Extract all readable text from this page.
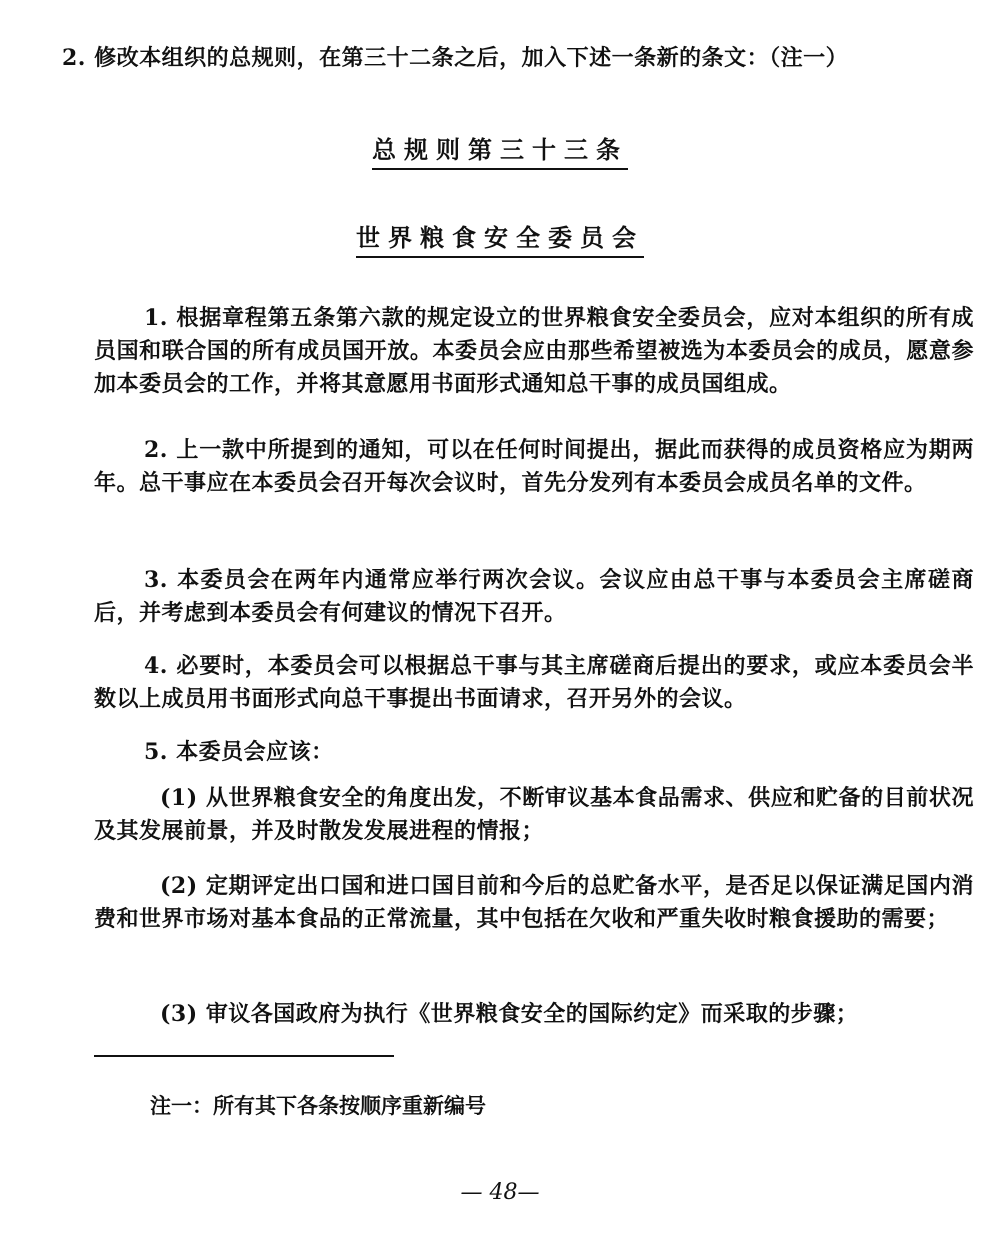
2. 修改本组织的总规则，在第三十二条之后，加入下述一条新的条文：（注一）
总规则第三十三条
世界粮食安全委员会

1. 根据章程第五条第六款的规定设立的世界粮食安全委员会，应对本组织的所有成员国和联合国的所有成员国开放。本委员会应由那些希望被选为本委员会的成员，愿意参加本委员会的工作，并将其意愿用书面形式通知总干事的成员国组成。

2. 上一款中所提到的通知，可以在任何时间提出，据此而获得的成员资格应为期两年。总干事应在本委员会召开每次会议时，首先分发列有本委员会成员名单的文件。

3. 本委员会在两年内通常应举行两次会议。会议应由总干事与本委员会主席磋商后，并考虑到本委员会有何建议的情况下召开。

4. 必要时，本委员会可以根据总干事与其主席磋商后提出的要求，或应本委员会半数以上成员用书面形式向总干事提出书面请求，召开另外的会议。

5. 本委员会应该：

(1) 从世界粮食安全的角度出发，不断审议基本食品需求、供应和贮备的目前状况及其发展前景，并及时散发发展进程的情报；

(2) 定期评定出口国和进口国目前和今后的总贮备水平，是否足以保证满足国内消费和世界市场对基本食品的正常流量，其中包括在欠收和严重失收时粮食援助的需要；

(3) 审议各国政府为执行《世界粮食安全的国际约定》而采取的步骤；

注一：所有其下各条按顺序重新编号
— 48—
